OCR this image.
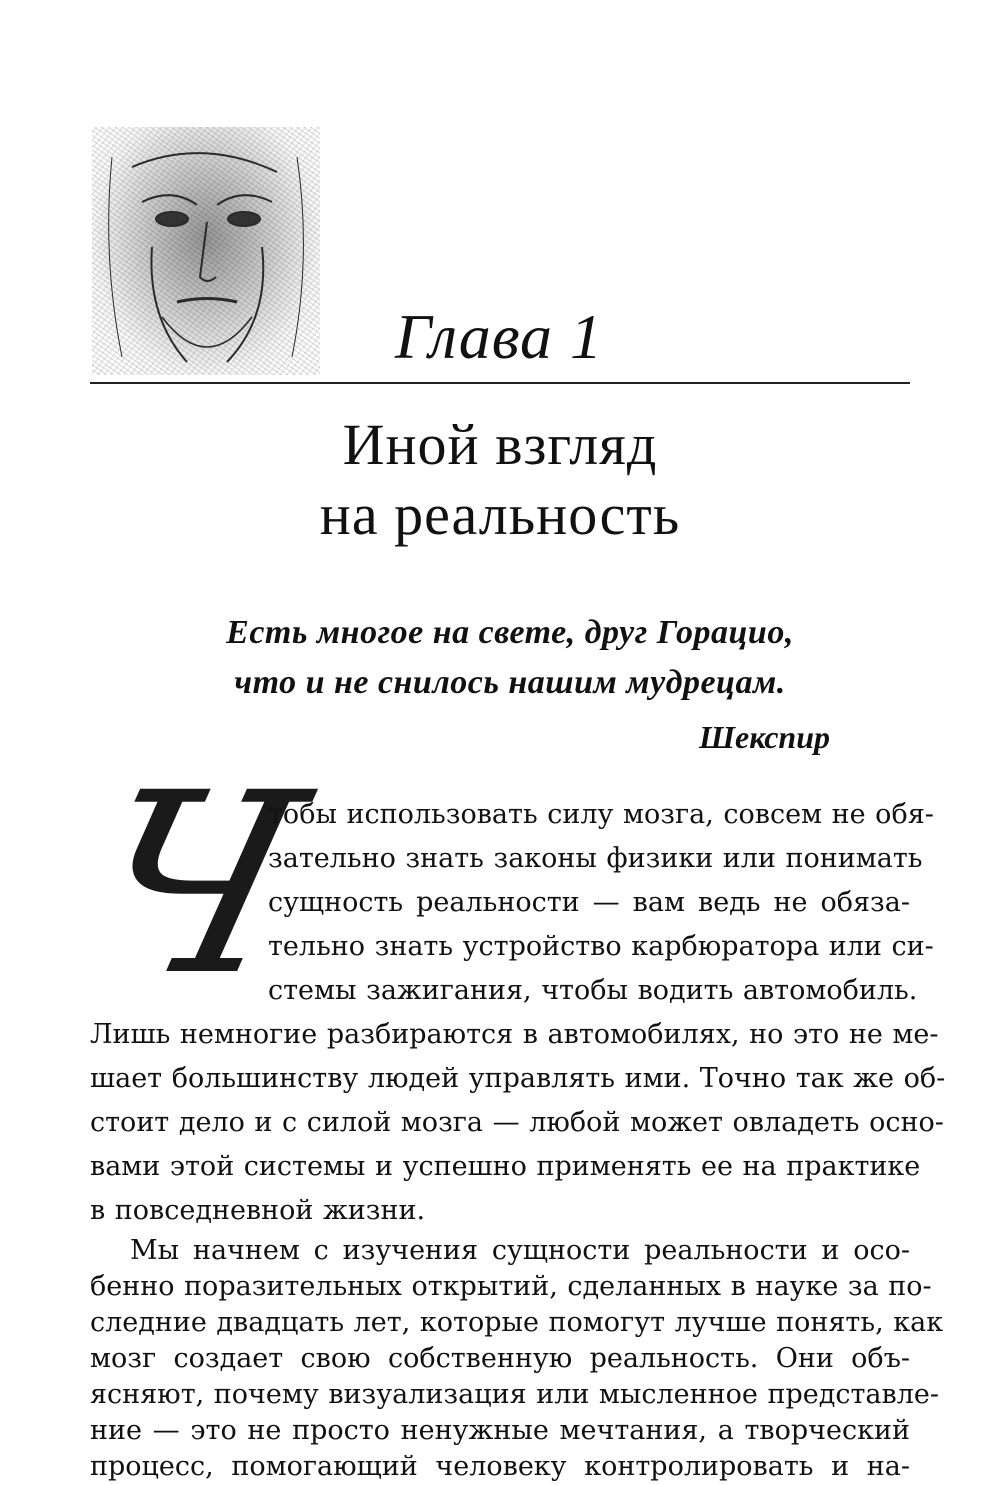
Глава 1
Иной взгляд
на реальность
Есть многое на свете, друг Горацио,
что и не снилось нашим мудрецам.
Шекспир
Ч
тобы использовать силу мозга, совсем не обя-
зательно знать законы физики или понимать
сущность реальности — вам ведь не обяза-
тельно знать устройство карбюратора или си-
стемы зажигания, чтобы водить автомобиль.
Лишь немногие разбираются в автомобилях, но это не ме-
шает большинству людей управлять ими. Точно так же об-
стоит дело и с силой мозга — любой может овладеть осно-
вами этой системы и успешно применять ее на практике
в повседневной жизни.
Мы начнем с изучения сущности реальности и осо-
бенно поразительных открытий, сделанных в науке за по-
следние двадцать лет, которые помогут лучше понять, как
мозг создает свою собственную реальность. Они объ-
ясняют, почему визуализация или мысленное представле-
ние — это не просто ненужные мечтания, а творческий
процесс, помогающий человеку контролировать и на-
